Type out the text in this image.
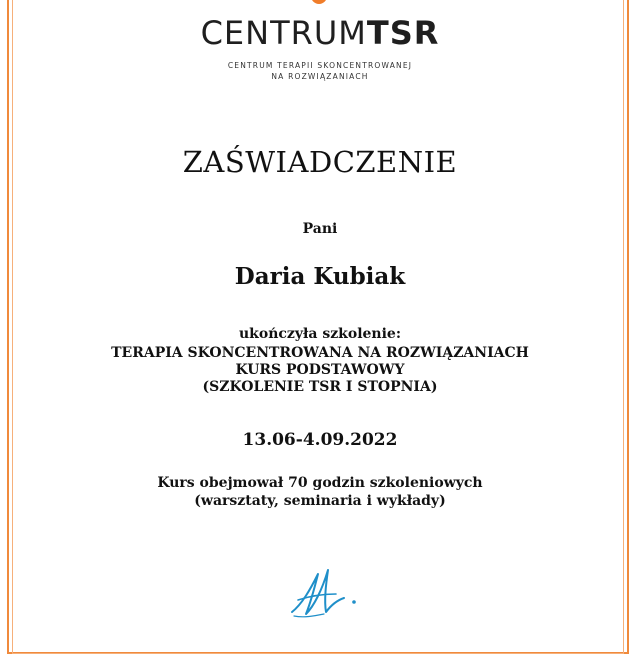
CENTRUMTSR
CENTRUM TERAPII SKONCENTROWANEJ
NA ROZWIĄZANIACH
ZAŚWIADCZENIE
Pani
Daria Kubiak
ukończyła szkolenie:
TERAPIA SKONCENTROWANA NA ROZWIĄZANIACH
KURS PODSTAWOWY
(SZKOLENIE TSR I STOPNIA)
13.06-4.09.2022
Kurs obejmował 70 godzin szkoleniowych
(warsztaty, seminaria i wykłady)
